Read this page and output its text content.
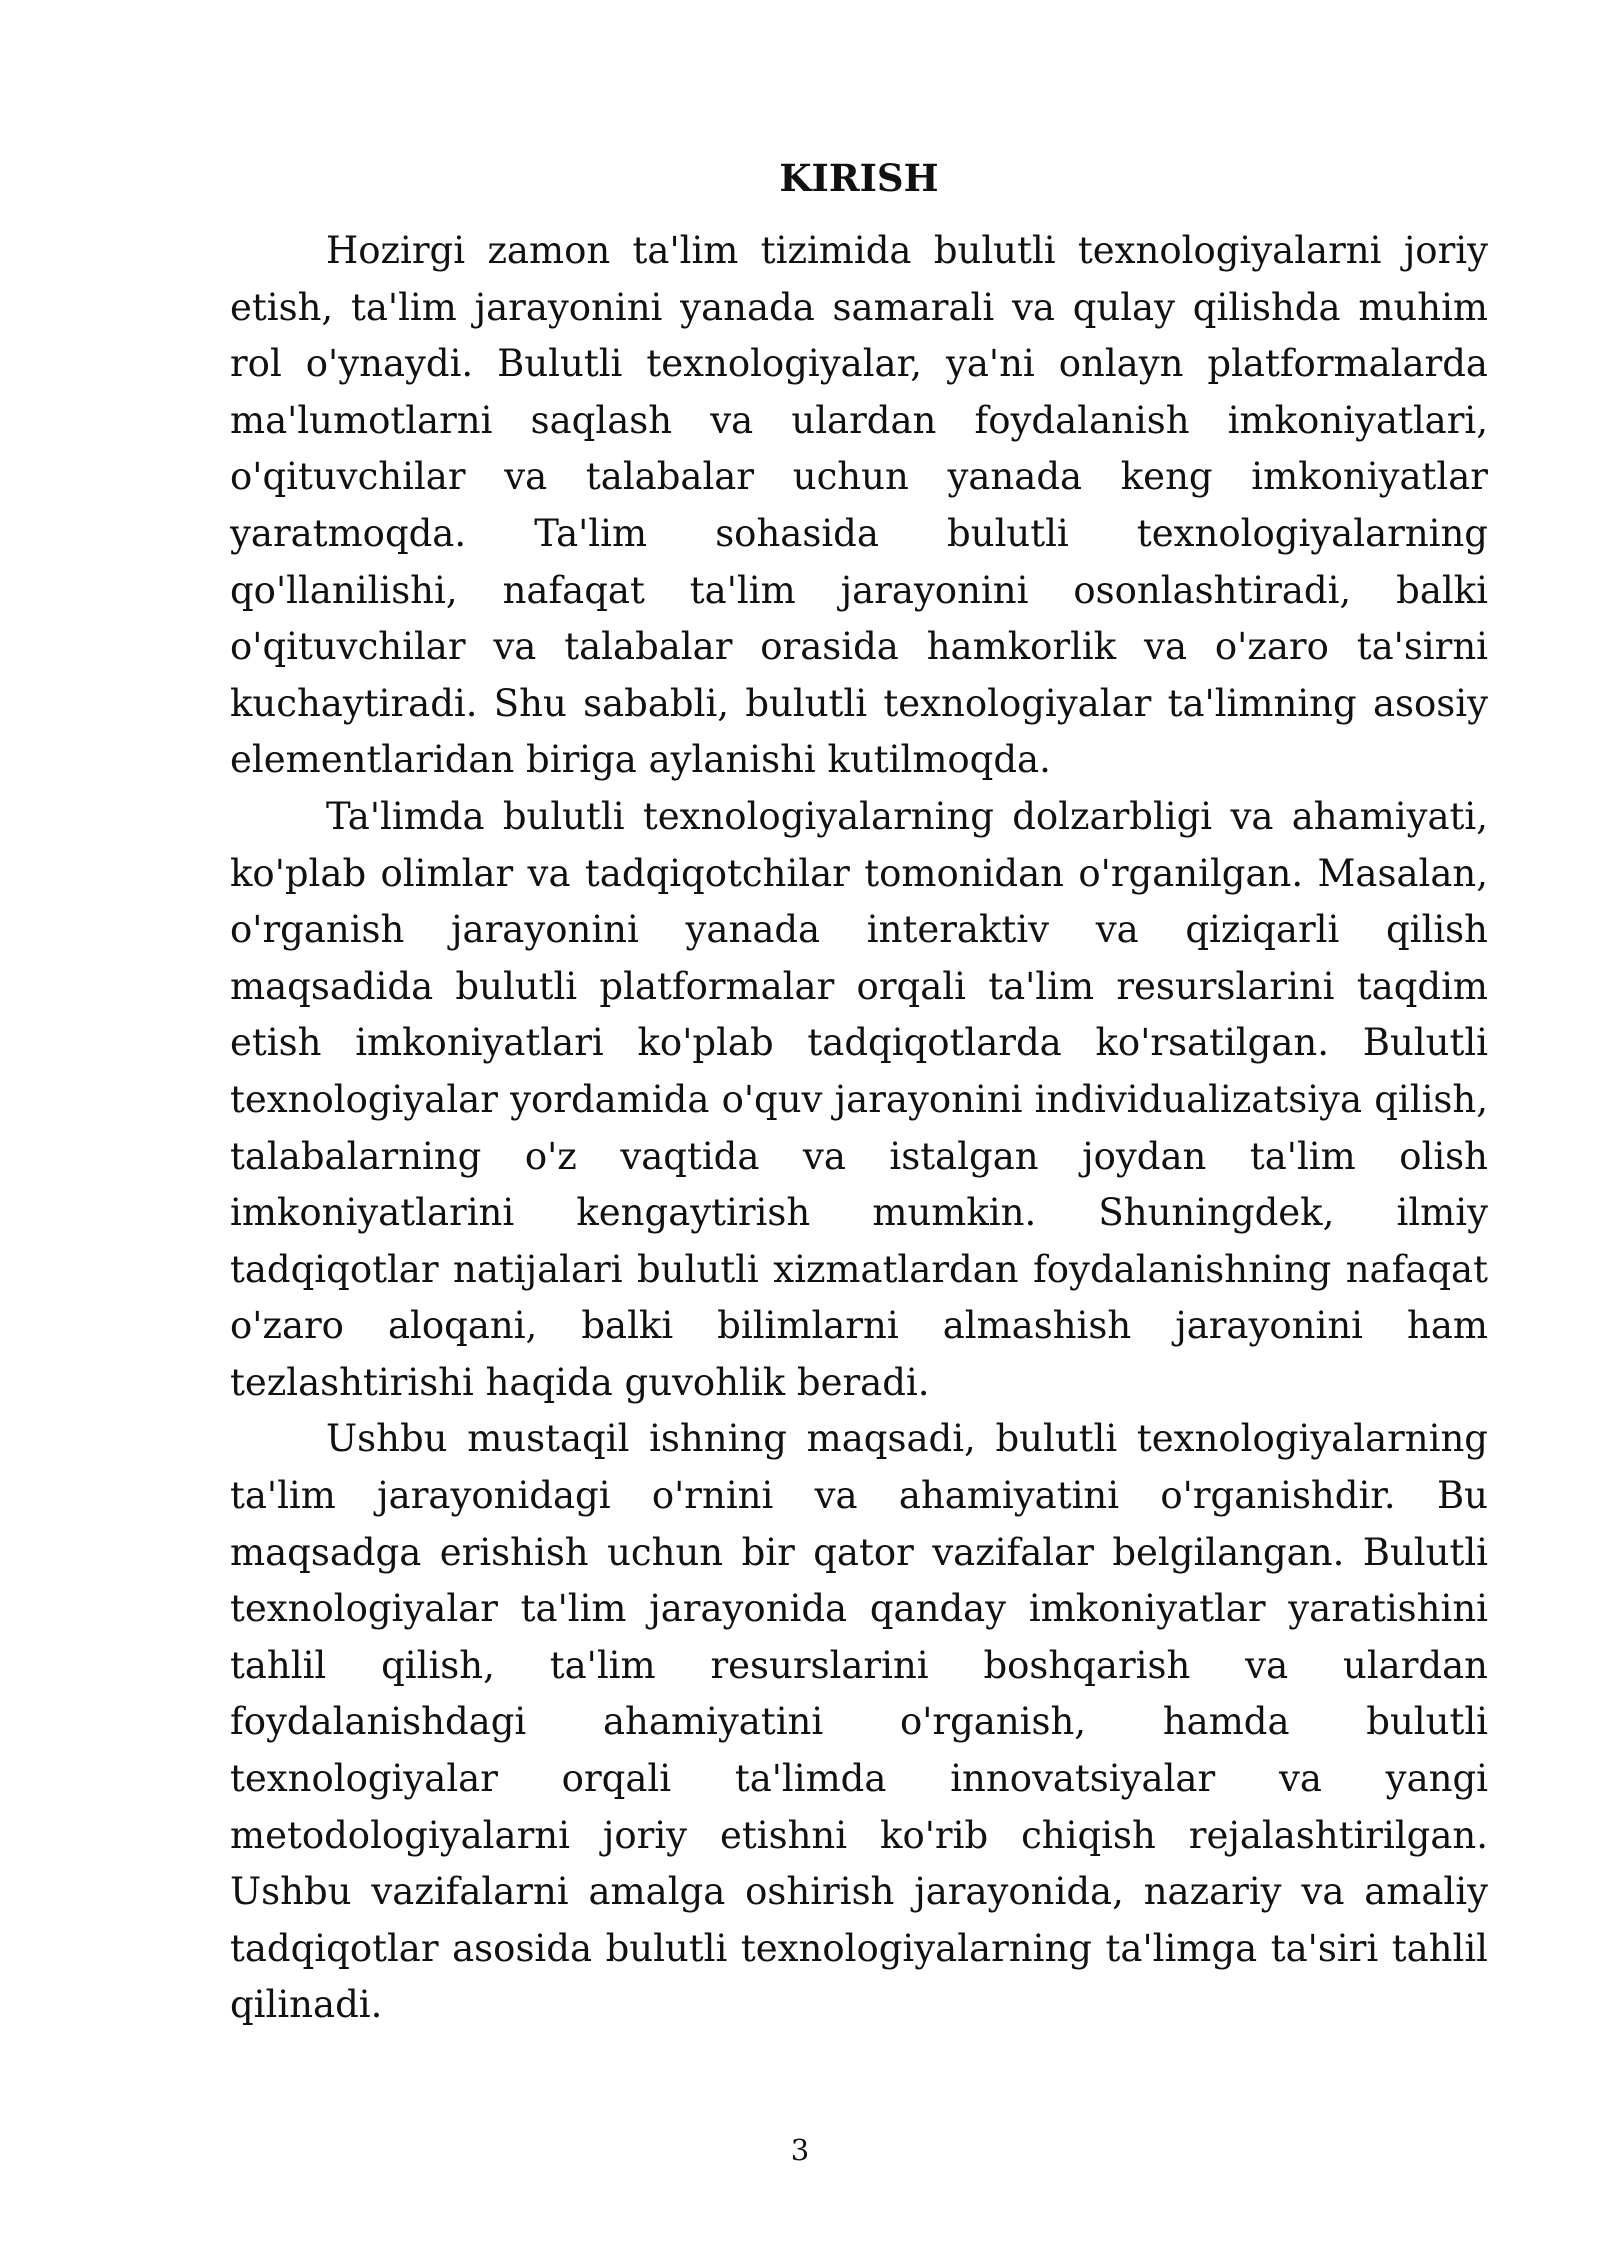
KIRISH

Hozirgi zamon ta'lim tizimida bulutli texnologiyalarni joriy etish, ta'lim jarayonini yanada samarali va qulay qilishda muhim rol o'ynaydi. Bulutli texnologiyalar, ya'ni onlayn platformalarda ma'lumotlarni saqlash va ulardan foydalanish imkoniyatlari, o'qituvchilar va talabalar uchun yanada keng imkoniyatlar yaratmoqda. Ta'lim sohasida bulutli texnologiyalarning qo'llanilishi, nafaqat ta'lim jarayonini osonlashtiradi, balki o'qituvchilar va talabalar orasida hamkorlik va o'zaro ta'sirni kuchaytiradi. Shu sababli, bulutli texnologiyalar ta'limning asosiy elementlaridan biriga aylanishi kutilmoqda.

Ta'limda bulutli texnologiyalarning dolzarbligi va ahamiyati, ko'plab olimlar va tadqiqotchilar tomonidan o'rganilgan. Masalan, o'rganish jarayonini yanada interaktiv va qiziqarli qilish maqsadida bulutli platformalar orqali ta'lim resurslarini taqdim etish imkoniyatlari ko'plab tadqiqotlarda ko'rsatilgan. Bulutli texnologiyalar yordamida o'quv jarayonini individualizatsiya qilish, talabalarning o'z vaqtida va istalgan joydan ta'lim olish imkoniyatlarini kengaytirish mumkin. Shuningdek, ilmiy tadqiqotlar natijalari bulutli xizmatlardan foydalanishning nafaqat o'zaro aloqani, balki bilimlarni almashish jarayonini ham tezlashtirishi haqida guvohlik beradi.

Ushbu mustaqil ishning maqsadi, bulutli texnologiyalarning ta'lim jarayonidagi o'rnini va ahamiyatini o'rganishdir. Bu maqsadga erishish uchun bir qator vazifalar belgilangan. Bulutli texnologiyalar ta'lim jarayonida qanday imkoniyatlar yaratishini tahlil qilish, ta'lim resurslarini boshqarish va ulardan foydalanishdagi ahamiyatini o'rganish, hamda bulutli texnologiyalar orqali ta'limda innovatsiyalar va yangi metodologiyalarni joriy etishni ko'rib chiqish rejalashtirilgan. Ushbu vazifalarni amalga oshirish jarayonida, nazariy va amaliy tadqiqotlar asosida bulutli texnologiyalarning ta'limga ta'siri tahlil qilinadi.

3
